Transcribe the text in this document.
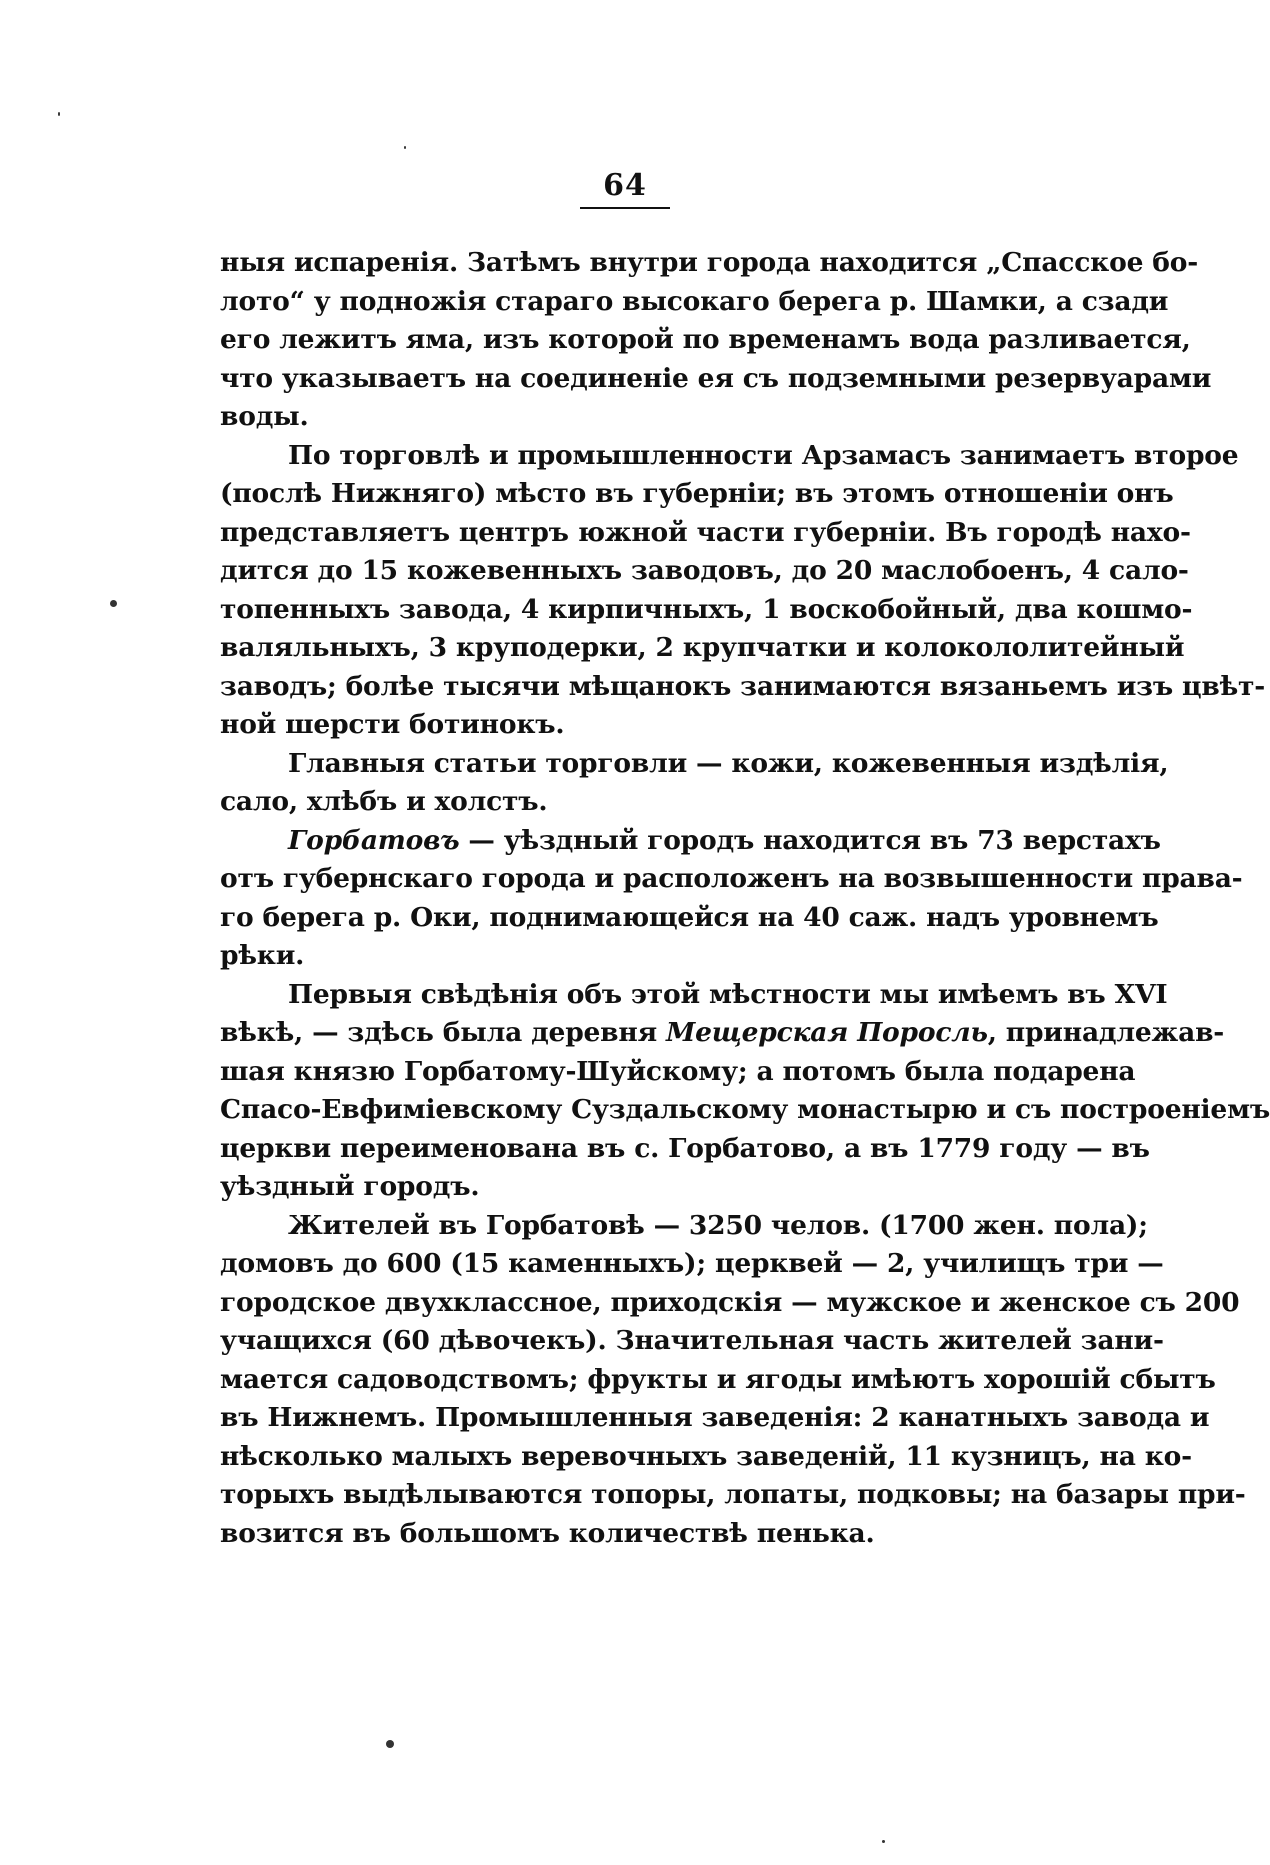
64
ныя испаренія. Затѣмъ внутри города находится „Спасское бо-
лото“ у подножія стараго высокаго берега р. Шамки, а сзади
его лежитъ яма, изъ которой по временамъ вода разливается,
что указываетъ на соединеніе ея съ подземными резервуарами
воды.
По торговлѣ и промышленности Арзамасъ занимаетъ второе
(послѣ Нижняго) мѣсто въ губерніи; въ этомъ отношеніи онъ
представляетъ центръ южной части губерніи. Въ городѣ нахо-
дится до 15 кожевенныхъ заводовъ, до 20 маслобоенъ, 4 сало-
топенныхъ завода, 4 кирпичныхъ, 1 воскобойный, два кошмо-
валяльныхъ, 3 круподерки, 2 крупчатки и колокололитейный
заводъ; болѣе тысячи мѣщанокъ занимаются вязаньемъ изъ цвѣт-
ной шерсти ботинокъ.
Главныя статьи торговли — кожи, кожевенныя издѣлія,
сало, хлѣбъ и холстъ.
Горбатовъ — уѣздный городъ находится въ 73 верстахъ
отъ губернскаго города и расположенъ на возвышенности права-
го берега р. Оки, поднимающейся на 40 саж. надъ уровнемъ
рѣки.
Первыя свѣдѣнія объ этой мѣстности мы имѣемъ въ XVI
вѣкѣ, — здѣсь была деревня Мещерская Поросль, принадлежав-
шая князю Горбатому-Шуйскому; а потомъ была подарена
Спасо-Евфиміевскому Суздальскому монастырю и съ построеніемъ
церкви переименована въ с. Горбатово, а въ 1779 году — въ
уѣздный городъ.
Жителей въ Горбатовѣ — 3250 челов. (1700 жен. пола);
домовъ до 600 (15 каменныхъ); церквей — 2, училищъ три —
городское двухклассное, приходскія — мужское и женское съ 200
учащихся (60 дѣвочекъ). Значительная часть жителей зани-
мается садоводствомъ; фрукты и ягоды имѣютъ хорошій сбытъ
въ Нижнемъ. Промышленныя заведенія: 2 канатныхъ завода и
нѣсколько малыхъ веревочныхъ заведеній, 11 кузницъ, на ко-
торыхъ выдѣлываются топоры, лопаты, подковы; на базары при-
возится въ большомъ количествѣ пенька.
